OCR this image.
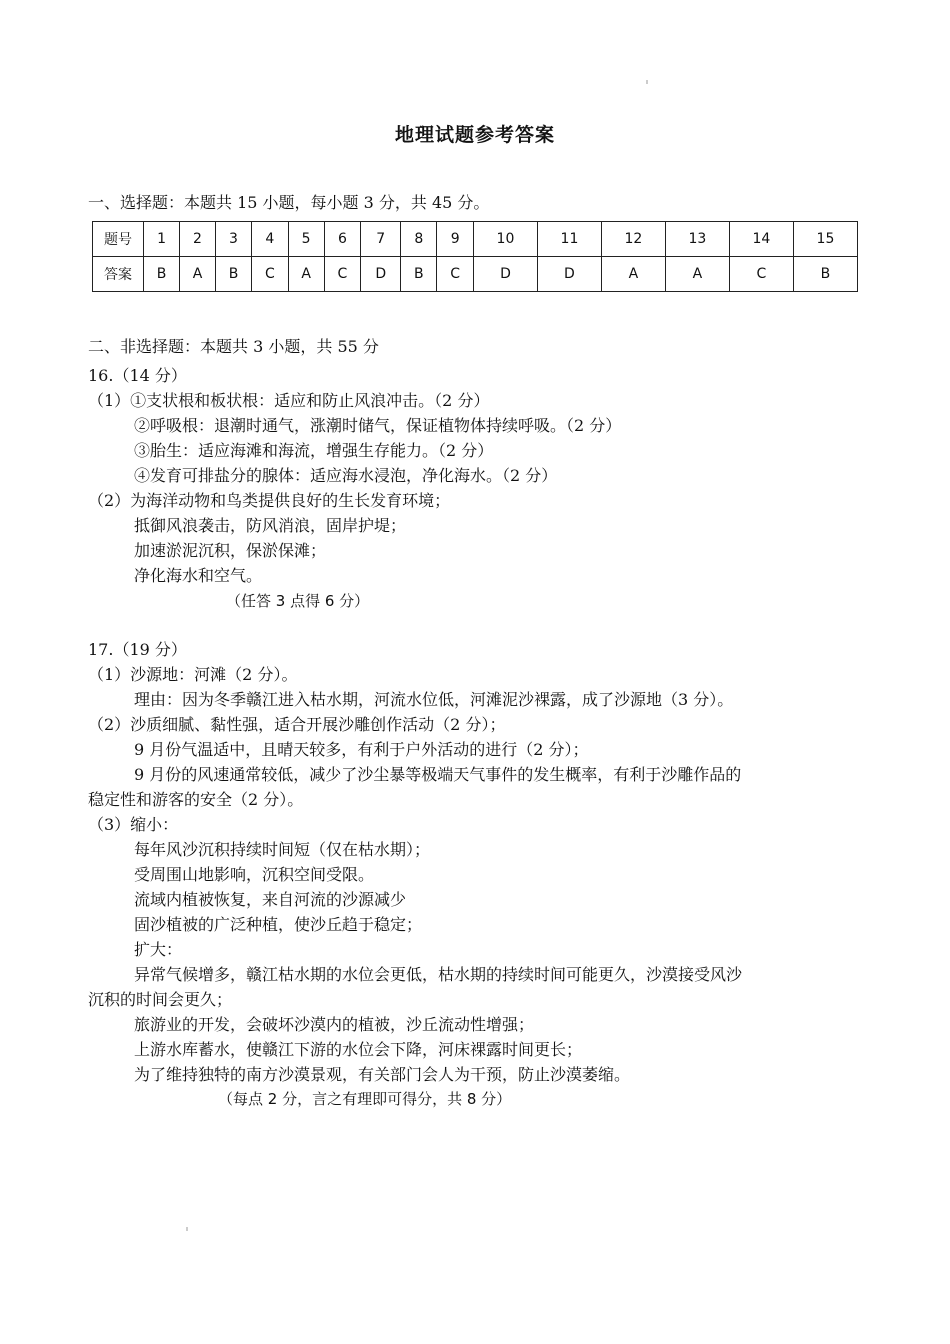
地理试题参考答案
一、选择题：本题共 15 小题，每小题 3 分，共 45 分。
题号	1	2	3	4	5	6	7	8	9	10	11	12	13	14	15
答案	B	A	B	C	A	C	D	B	C	D	D	A	A	C	B
二、非选择题：本题共 3 小题，共 55 分
16.（14 分）
（1）①支状根和板状根：适应和防止风浪冲击。（2 分）
②呼吸根：退潮时通气，涨潮时储气，保证植物体持续呼吸。（2 分）
③胎生：适应海滩和海流，增强生存能力。（2 分）
④发育可排盐分的腺体：适应海水浸泡，净化海水。（2 分）
（2）为海洋动物和鸟类提供良好的生长发育环境；
抵御风浪袭击，防风消浪，固岸护堤；
加速淤泥沉积，保淤保滩；
净化海水和空气。
（任答 3 点得 6 分）
17.（19 分）
（1）沙源地：河滩（2 分）。
理由：因为冬季赣江进入枯水期，河流水位低，河滩泥沙裸露，成了沙源地（3 分）。
（2）沙质细腻、黏性强，适合开展沙雕创作活动（2 分）；
9 月份气温适中，且晴天较多，有利于户外活动的进行（2 分）；
9 月份的风速通常较低，减少了沙尘暴等极端天气事件的发生概率，有利于沙雕作品的
稳定性和游客的安全（2 分）。
（3）缩小：
每年风沙沉积持续时间短（仅在枯水期）；
受周围山地影响，沉积空间受限。
流域内植被恢复，来自河流的沙源减少
固沙植被的广泛种植，使沙丘趋于稳定；
扩大：
异常气候增多，赣江枯水期的水位会更低，枯水期的持续时间可能更久，沙漠接受风沙
沉积的时间会更久；
旅游业的开发，会破坏沙漠内的植被，沙丘流动性增强；
上游水库蓄水，使赣江下游的水位会下降，河床裸露时间更长；
为了维持独特的南方沙漠景观，有关部门会人为干预，防止沙漠萎缩。
（每点 2 分，言之有理即可得分，共 8 分）
